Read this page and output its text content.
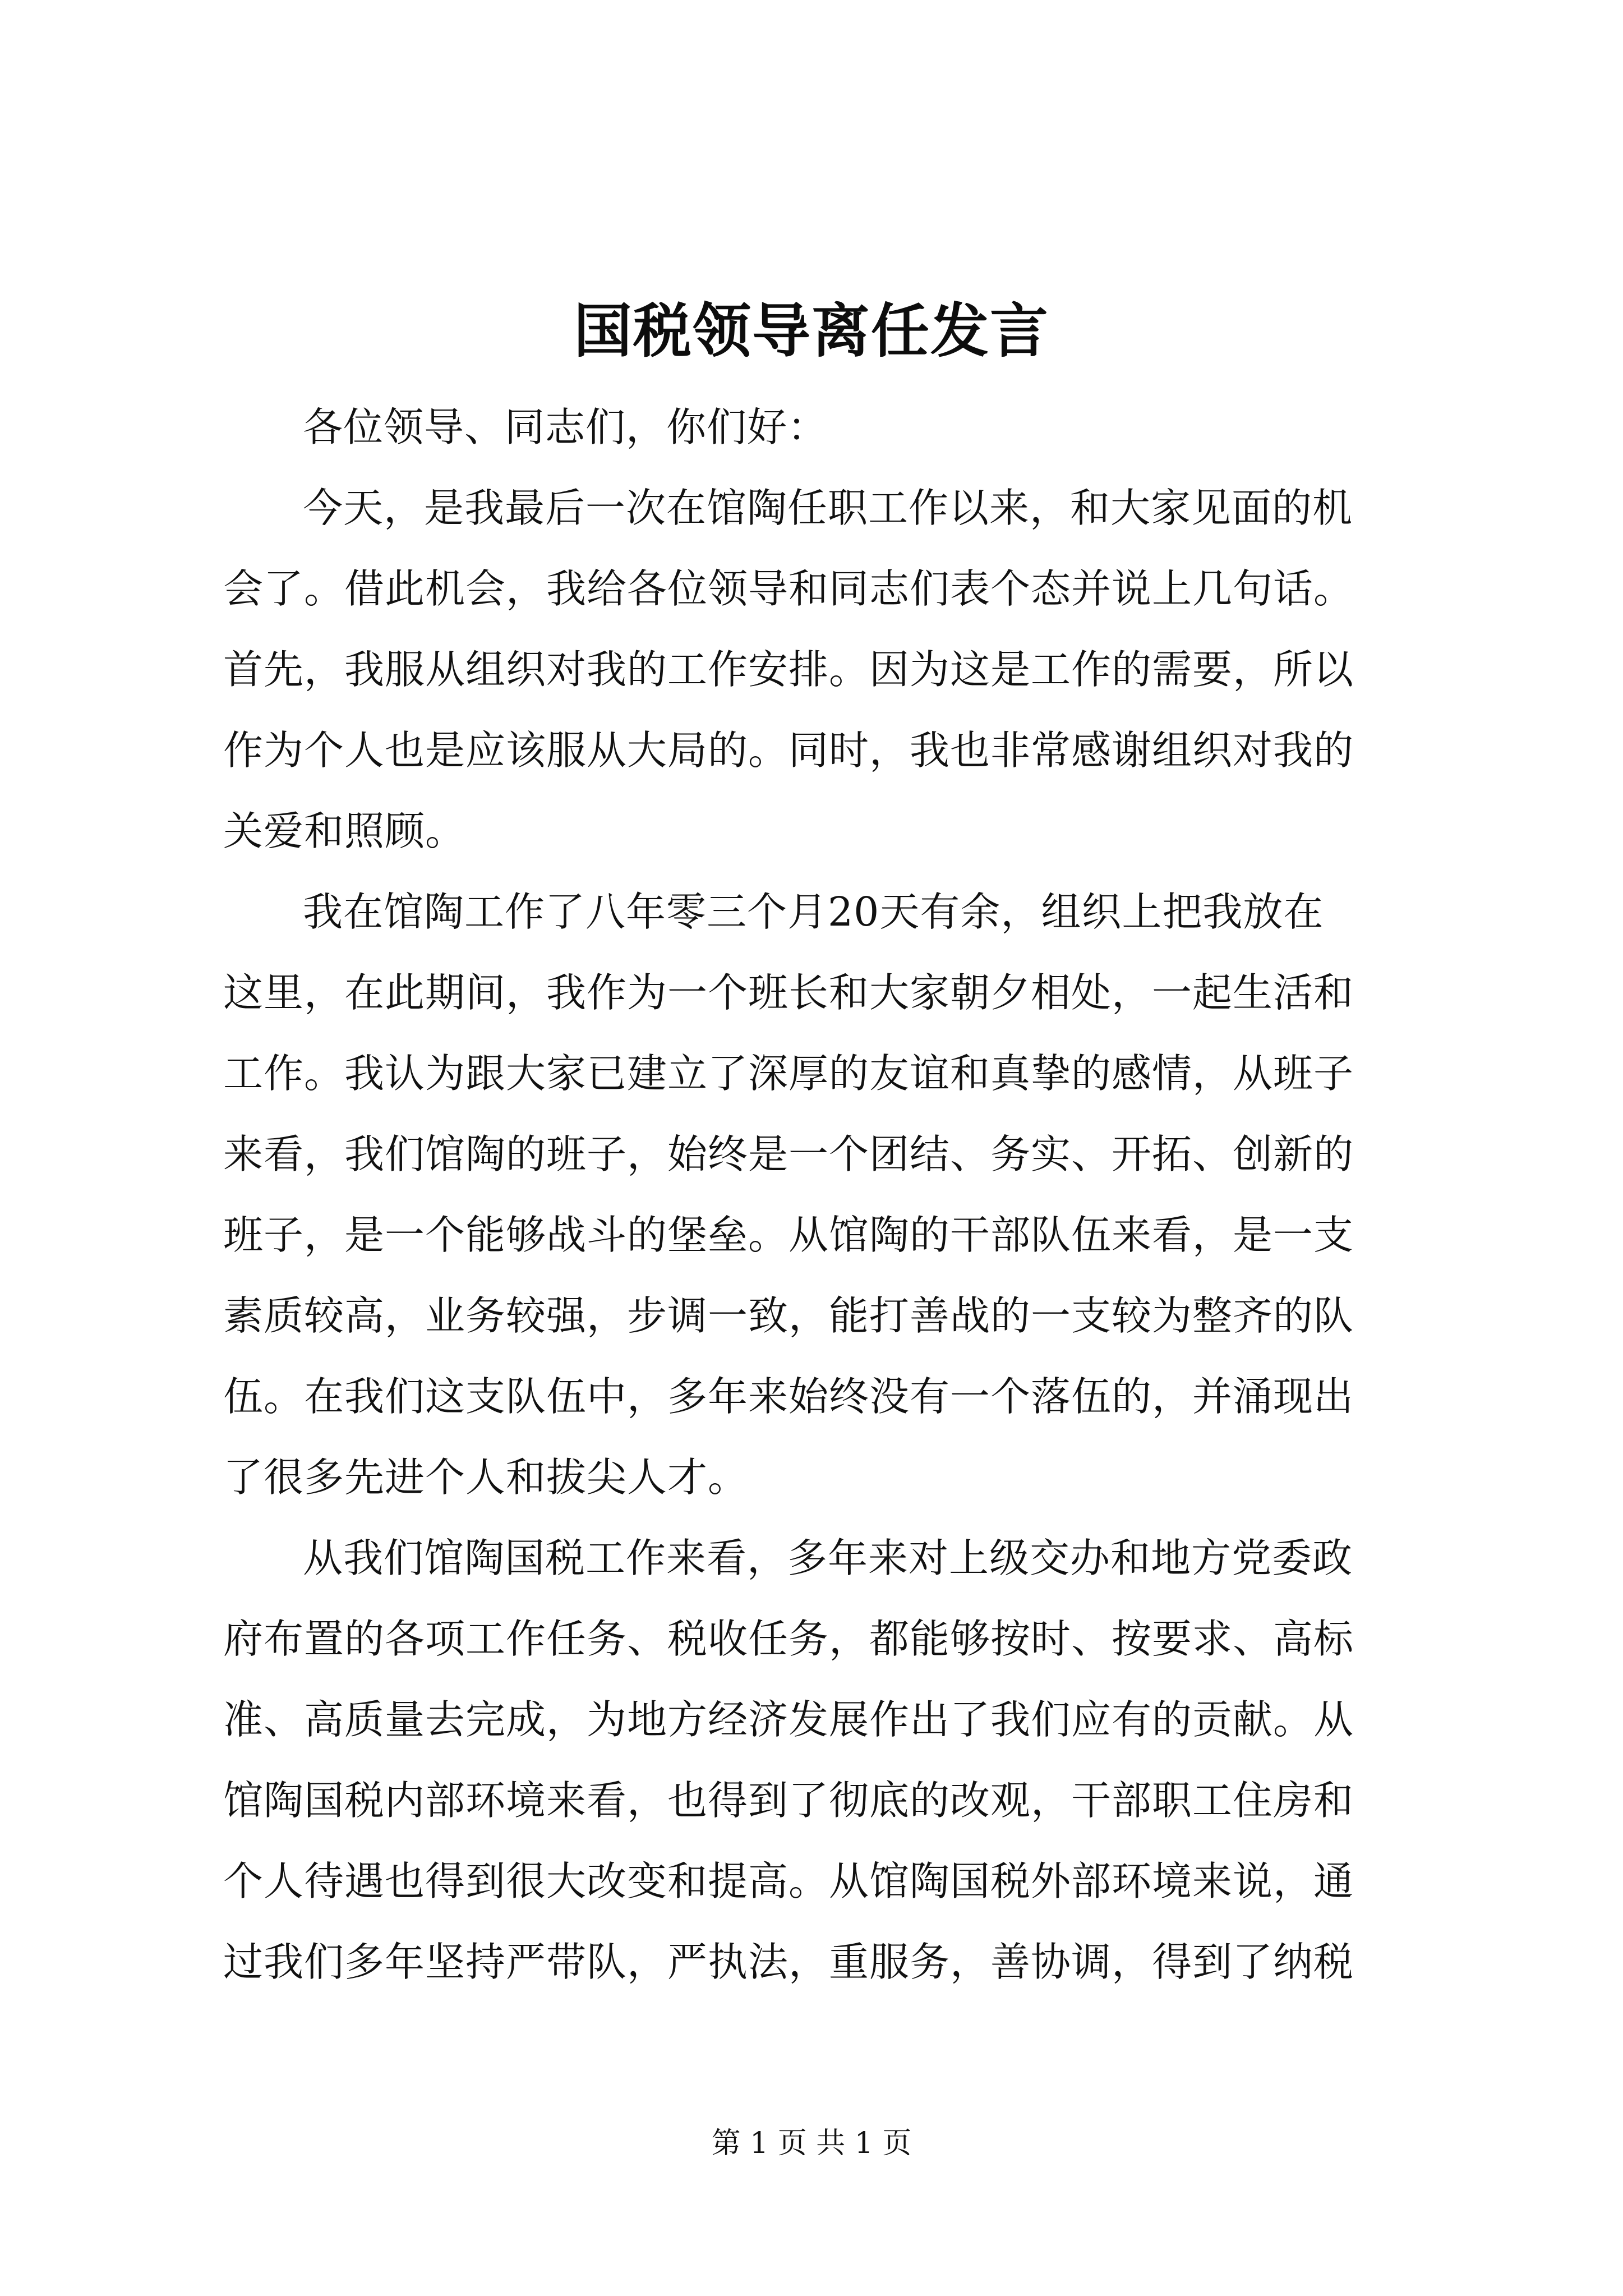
国税领导离任发言
各位领导、同志们，你们好：
今天，是我最后一次在馆陶任职工作以来，和大家见面的机
会了。借此机会，我给各位领导和同志们表个态并说上几句话。
首先，我服从组织对我的工作安排。因为这是工作的需要，所以
作为个人也是应该服从大局的。同时，我也非常感谢组织对我的
关爱和照顾。
我在馆陶工作了八年零三个月20天有余，组织上把我放在
这里，在此期间，我作为一个班长和大家朝夕相处，一起生活和
工作。我认为跟大家已建立了深厚的友谊和真挚的感情，从班子
来看，我们馆陶的班子，始终是一个团结、务实、开拓、创新的
班子，是一个能够战斗的堡垒。从馆陶的干部队伍来看，是一支
素质较高，业务较强，步调一致，能打善战的一支较为整齐的队
伍。在我们这支队伍中，多年来始终没有一个落伍的，并涌现出
了很多先进个人和拔尖人才。
从我们馆陶国税工作来看，多年来对上级交办和地方党委政
府布置的各项工作任务、税收任务，都能够按时、按要求、高标
准、高质量去完成，为地方经济发展作出了我们应有的贡献。从
馆陶国税内部环境来看，也得到了彻底的改观，干部职工住房和
个人待遇也得到很大改变和提高。从馆陶国税外部环境来说，通
过我们多年坚持严带队，严执法，重服务，善协调，得到了纳税
第 1 页 共 1 页
